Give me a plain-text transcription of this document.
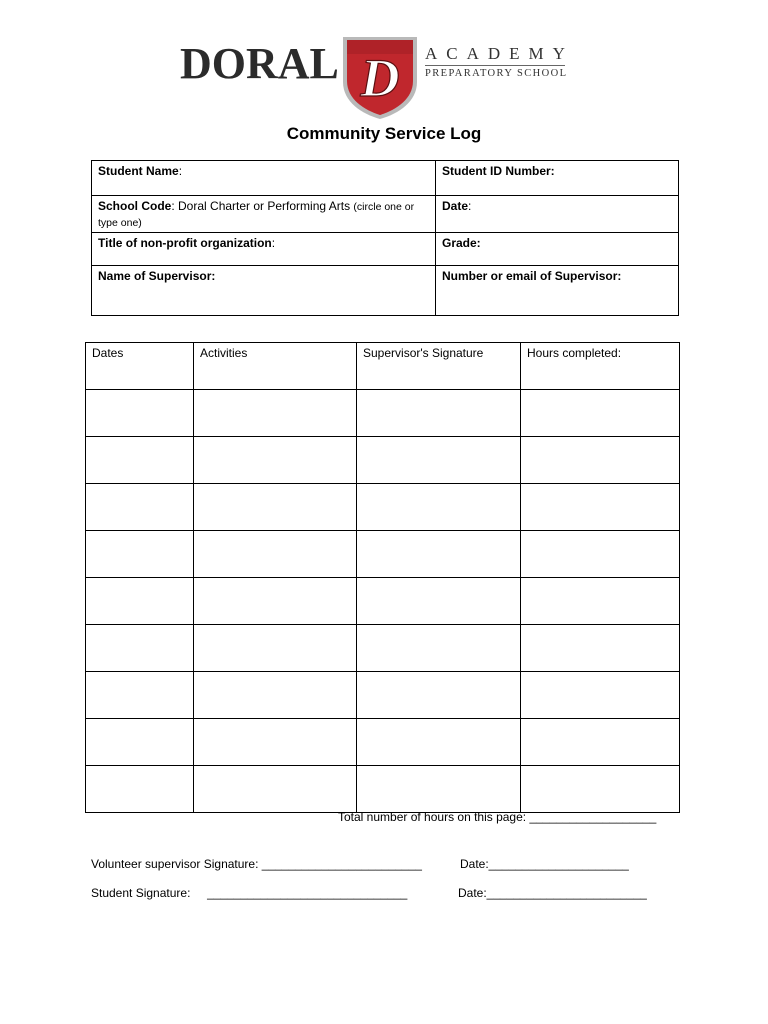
DORAL D ACADEMY
PREPARATORY SCHOOL
Community Service Log
Student Name:	Student ID Number:
School Code: Doral Charter or Performing Arts (circle one or type one)	Date:
Title of non-profit organization:	Grade:
Name of Supervisor:	Number or email of Supervisor:
Dates	Activities	Supervisor's Signature	Hours completed:

Total number of hours on this page: ___________________
Volunteer supervisor Signature: ________________________	Date:_____________________
Student Signature:     ______________________________	Date:________________________
